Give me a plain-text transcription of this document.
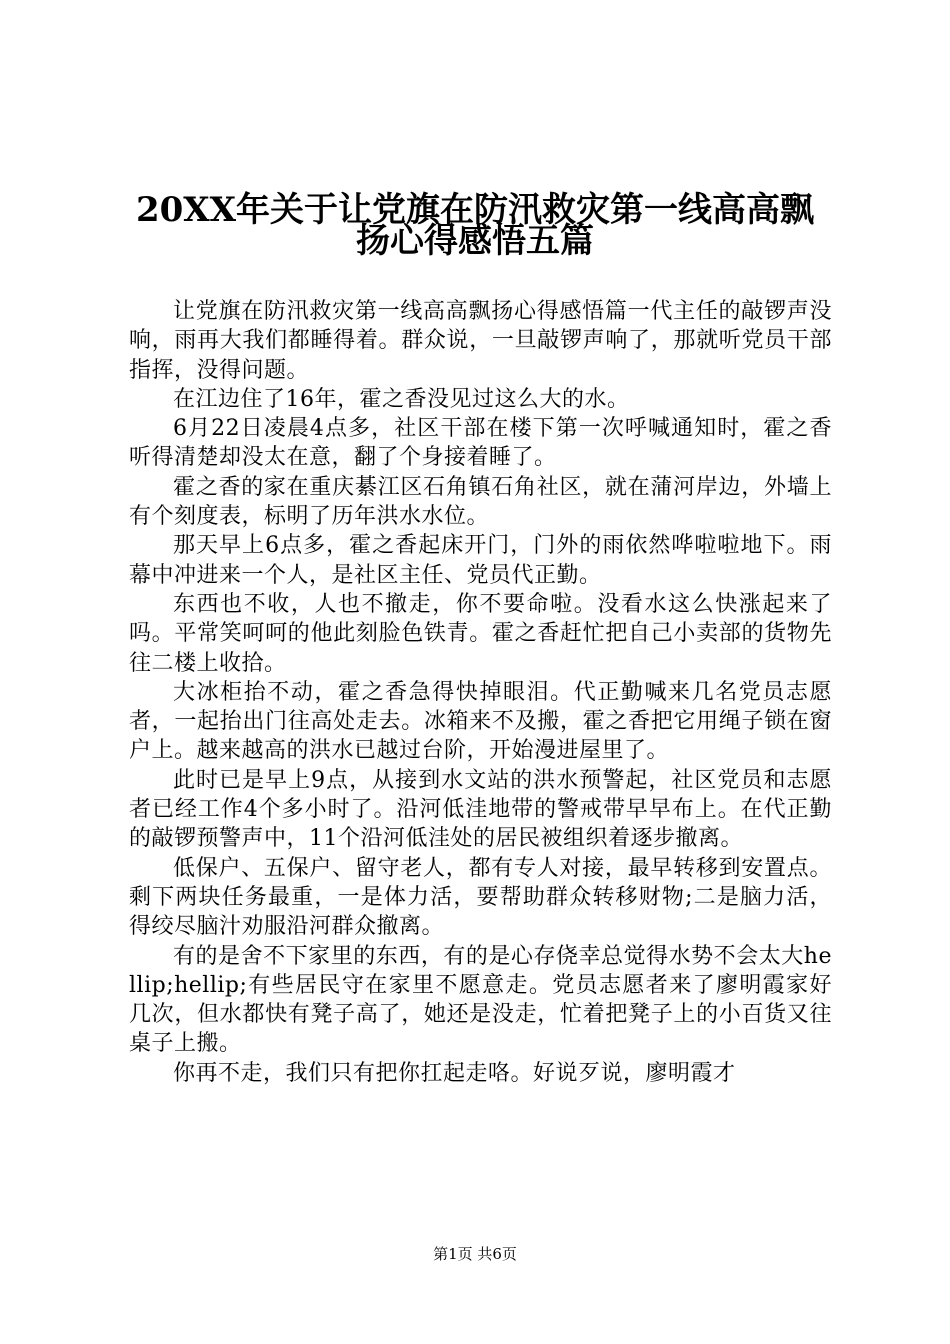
20XX年关于让党旗在防汛救灾第一线高高飘
扬心得感悟五篇

让党旗在防汛救灾第一线高高飘扬心得感悟篇一代主任的敲锣声没响，雨再大我们都睡得着。群众说，一旦敲锣声响了，那就听党员干部指挥，没得问题。

在江边住了16年，霍之香没见过这么大的水。

6月22日凌晨4点多，社区干部在楼下第一次呼喊通知时，霍之香听得清楚却没太在意，翻了个身接着睡了。

霍之香的家在重庆綦江区石角镇石角社区，就在蒲河岸边，外墙上有个刻度表，标明了历年洪水水位。

那天早上6点多，霍之香起床开门，门外的雨依然哗啦啦地下。雨幕中冲进来一个人，是社区主任、党员代正勤。

东西也不收，人也不撤走，你不要命啦。没看水这么快涨起来了吗。平常笑呵呵的他此刻脸色铁青。霍之香赶忙把自己小卖部的货物先往二楼上收拾。

大冰柜抬不动，霍之香急得快掉眼泪。代正勤喊来几名党员志愿者，一起抬出门往高处走去。冰箱来不及搬，霍之香把它用绳子锁在窗户上。越来越高的洪水已越过台阶，开始漫进屋里了。

此时已是早上9点，从接到水文站的洪水预警起，社区党员和志愿者已经工作4个多小时了。沿河低洼地带的警戒带早早布上。在代正勤的敲锣预警声中，11个沿河低洼处的居民被组织着逐步撤离。

低保户、五保户、留守老人，都有专人对接，最早转移到安置点。剩下两块任务最重，一是体力活，要帮助群众转移财物;二是脑力活，得绞尽脑汁劝服沿河群众撤离。

有的是舍不下家里的东西，有的是心存侥幸总觉得水势不会太大hellip;hellip;有些居民守在家里不愿意走。党员志愿者来了廖明霞家好几次，但水都快有凳子高了，她还是没走，忙着把凳子上的小百货又往桌子上搬。

你再不走，我们只有把你扛起走咯。好说歹说，廖明霞才

第1页 共6页
